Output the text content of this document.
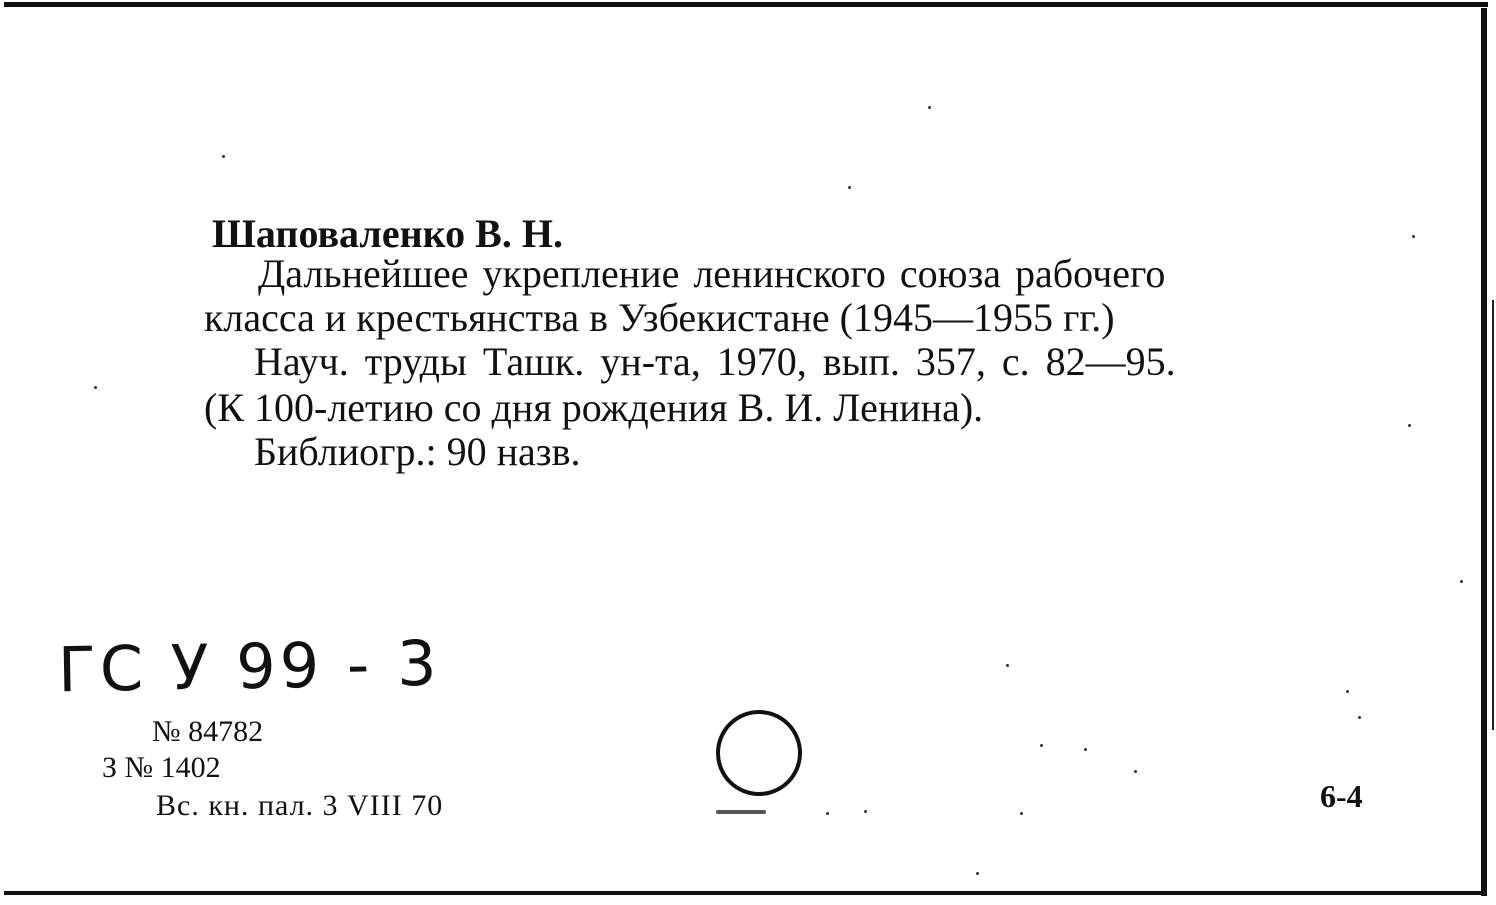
Шаповаленко В. Н.
Дальнейшее укрепление ленинского союза рабочего
класса и крестьянства в Узбекистане (1945—1955 гг.)
Науч. труды Ташк. ун-та, 1970, вып. 357, с. 82—95.
(К 100-летию со дня рождения В. И. Ленина).
Библиогр.: 90 назв.
ГС У 99 - 3
№ 84782
З № 1402
Вс. кн. пал. 3 VIII 70	6-4
